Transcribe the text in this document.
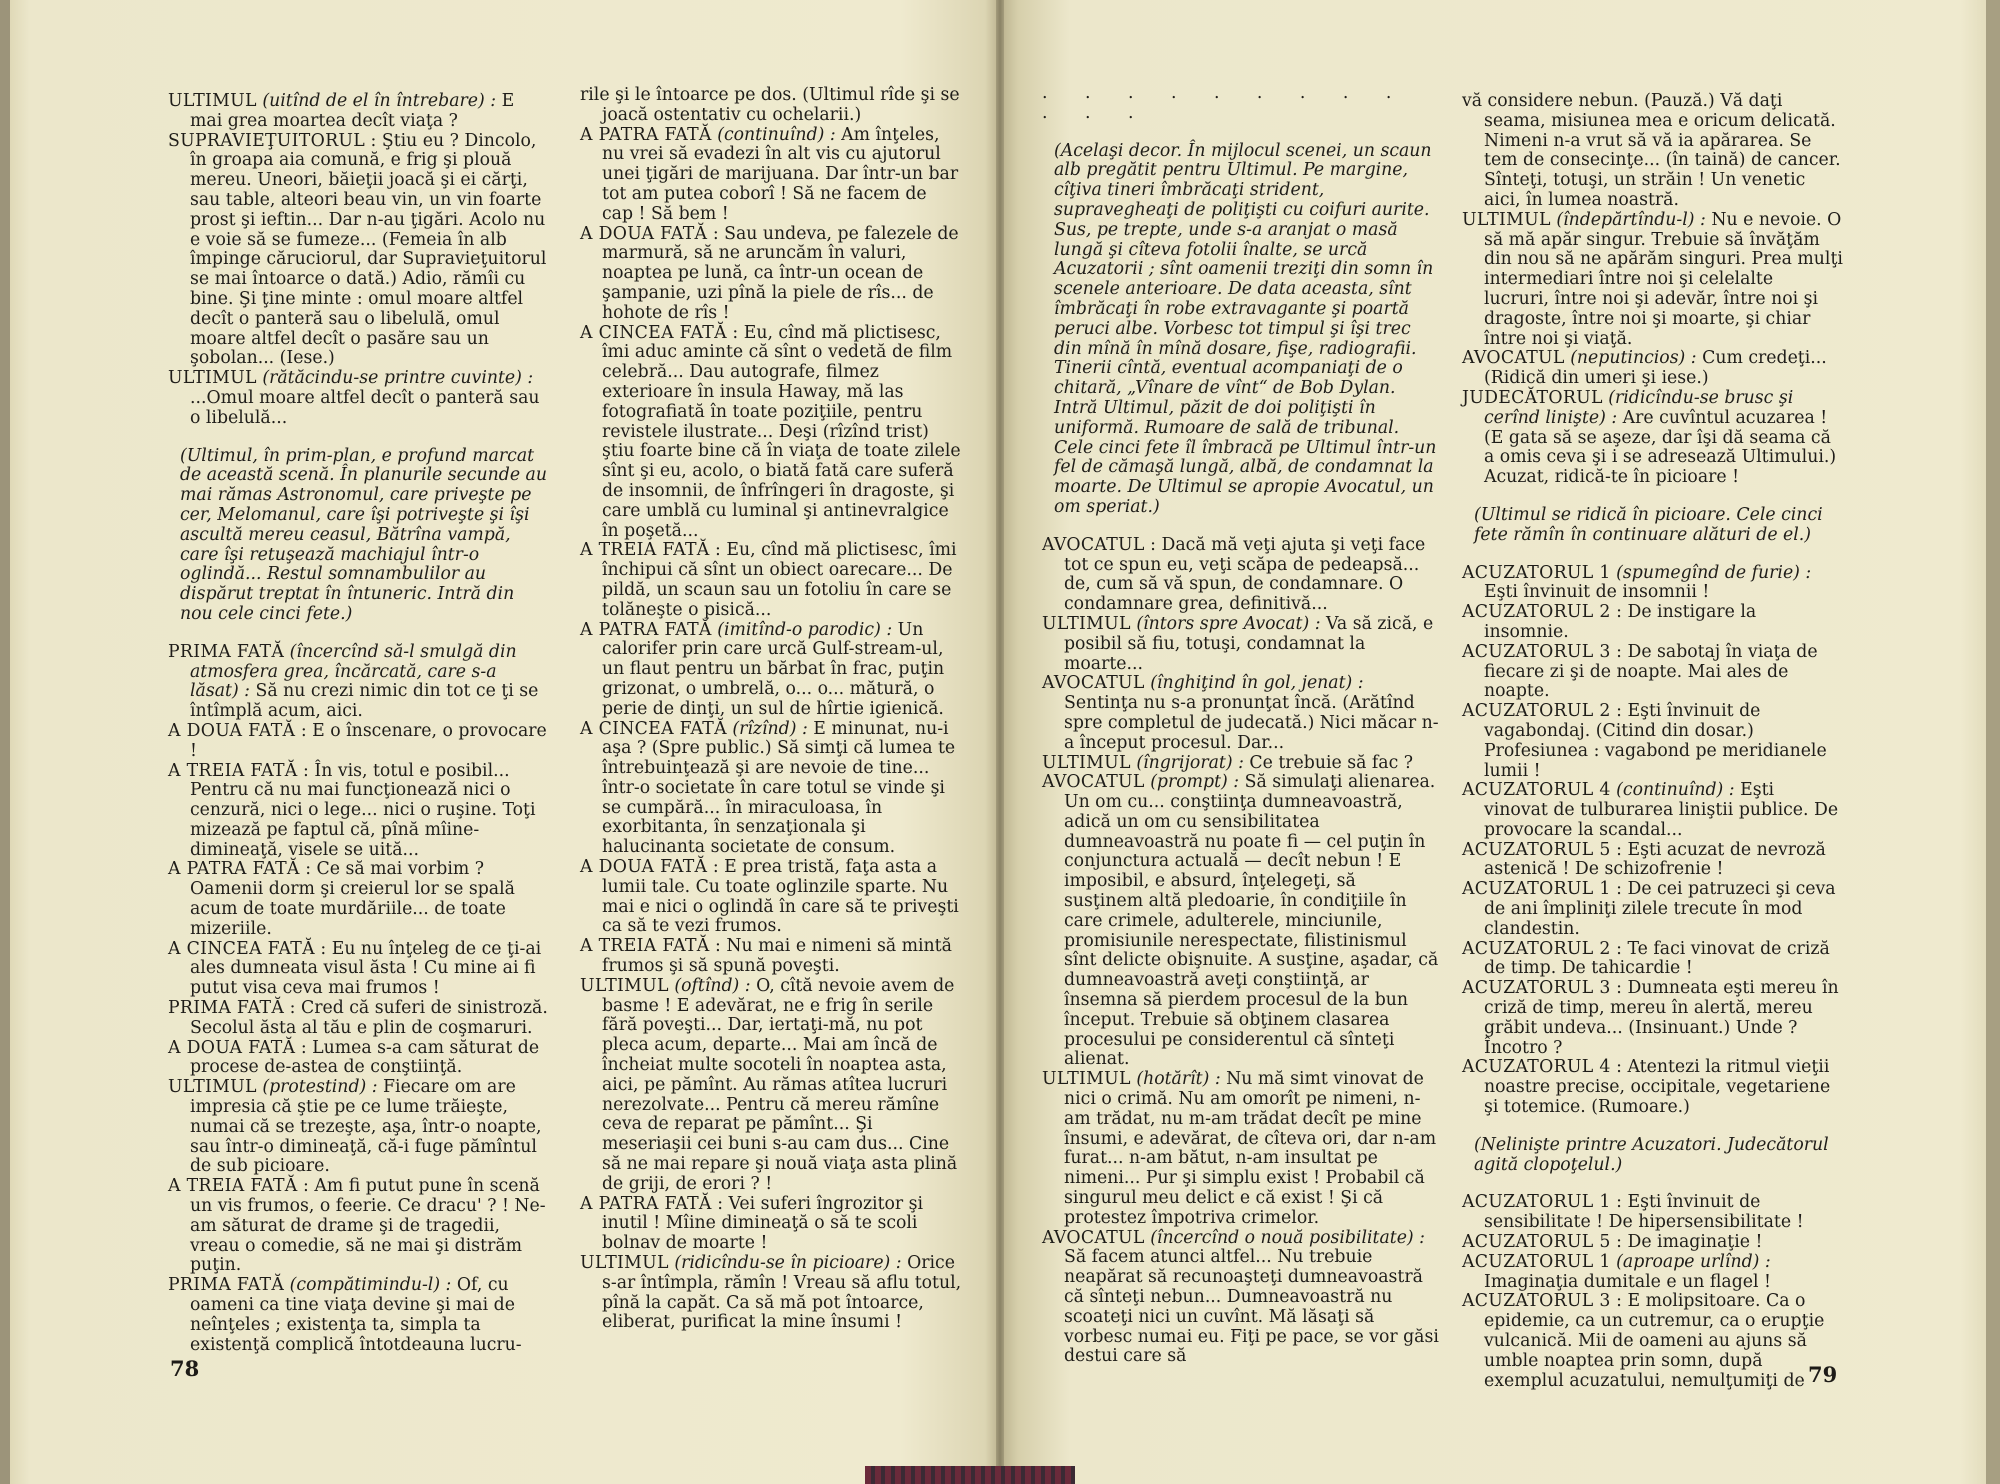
ULTIMUL (uitînd de el în întrebare) : E mai grea moartea decît viaţa ?

SUPRAVIEŢUITORUL : Ştiu eu ? Dincolo, în groapa aia comună, e frig şi plouă mereu. Uneori, băieţii joacă şi ei cărţi, sau table, alteori beau vin, un vin foarte prost şi ieftin... Dar n-au ţigări. Acolo nu e voie să se fumeze... (Femeia în alb împinge căruciorul, dar Supravieţuitorul se mai întoarce o dată.) Adio, rămîi cu bine. Şi ţine minte : omul moare altfel decît o panteră sau o libelulă, omul moare altfel decît o pasăre sau un şobolan... (Iese.)

ULTIMUL (rătăcindu-se printre cuvinte) : ...Omul moare altfel decît o panteră sau o libelulă...

(Ultimul, în prim-plan, e profund marcat de această scenă. În planurile secunde au mai rămas Astronomul, care priveşte pe cer, Melomanul, care îşi potriveşte şi îşi ascultă mereu ceasul, Bătrîna vampă, care îşi retuşează machiajul într-o oglindă... Restul somnambulilor au dispărut treptat în întuneric. Intră din nou cele cinci fete.)

PRIMA FATĂ (încercînd să-l smulgă din atmosfera grea, încărcată, care s-a lăsat) : Să nu crezi nimic din tot ce ţi se întîmplă acum, aici.

A DOUA FATĂ : E o înscenare, o provocare !

A TREIA FATĂ : În vis, totul e posibil... Pentru că nu mai funcţionează nici o cenzură, nici o lege... nici o ruşine. Toţi mizează pe faptul că, pînă mîine-dimineaţă, visele se uită...

A PATRA FATĂ : Ce să mai vorbim ? Oamenii dorm şi creierul lor se spală acum de toate murdăriile... de toate mizeriile.

A CINCEA FATĂ : Eu nu înţeleg de ce ţi-ai ales dumneata visul ăsta ! Cu mine ai fi putut visa ceva mai frumos !

PRIMA FATĂ : Cred că suferi de sinistroză. Secolul ăsta al tău e plin de coşmaruri.

A DOUA FATĂ : Lumea s-a cam săturat de procese de-astea de conştiinţă.

ULTIMUL (protestind) : Fiecare om are impresia că ştie pe ce lume trăieşte, numai că se trezeşte, aşa, într-o noapte, sau într-o dimineaţă, că-i fuge pămîntul de sub picioare.

A TREIA FATĂ : Am fi putut pune în scenă un vis frumos, o feerie. Ce dracu' ? ! Ne-am săturat de drame şi de tragedii, vreau o comedie, să ne mai şi distrăm puţin.

PRIMA FATĂ (compătimindu-l) : Of, cu oameni ca tine viaţa devine şi mai de neînţeles ; existenţa ta, simpla ta existenţă complică întotdeauna lucru-

rile şi le întoarce pe dos. (Ultimul rîde şi se joacă ostentativ cu ochelarii.)

A PATRA FATĂ (continuînd) : Am înţeles, nu vrei să evadezi în alt vis cu ajutorul unei ţigări de marijuana. Dar într-un bar tot am putea coborî ! Să ne facem de cap ! Să bem !

A DOUA FATĂ : Sau undeva, pe falezele de marmură, să ne aruncăm în valuri, noaptea pe lună, ca într-un ocean de şampanie, uzi pînă la piele de rîs... de hohote de rîs !

A CINCEA FATĂ : Eu, cînd mă plictisesc, îmi aduc aminte că sînt o vedetă de film celebră... Dau autografe, filmez exterioare în insula Haway, mă las fotografiată în toate poziţiile, pentru revistele ilustrate... Deşi (rîzînd trist) ştiu foarte bine că în viaţa de toate zilele sînt şi eu, acolo, o biată fată care suferă de insomnii, de înfrîngeri în dragoste, şi care umblă cu luminal şi antinevralgice în poşetă...

A TREIA FATĂ : Eu, cînd mă plictisesc, îmi închipui că sînt un obiect oarecare... De pildă, un scaun sau un fotoliu în care se tolăneşte o pisică...

A PATRA FATĂ (imitînd-o parodic) : Un calorifer prin care urcă Gulf-stream-ul, un flaut pentru un bărbat în frac, puţin grizonat, o umbrelă, o... o... mătură, o perie de dinţi, un sul de hîrtie igienică.

A CINCEA FATĂ (rîzînd) : E minunat, nu-i aşa ? (Spre public.) Să simţi că lumea te întrebuinţează şi are nevoie de tine... într-o societate în care totul se vinde şi se cumpără... în miraculoasa, în exorbitanta, în senzaţionala şi halucinanta societate de consum.

A DOUA FATĂ : E prea tristă, faţa asta a lumii tale. Cu toate oglinzile sparte. Nu mai e nici o oglindă în care să te priveşti ca să te vezi frumos.

A TREIA FATĂ : Nu mai e nimeni să mintă frumos şi să spună poveşti.

ULTIMUL (oftînd) : O, cîtă nevoie avem de basme ! E adevărat, ne e frig în serile fără poveşti... Dar, iertaţi-mă, nu pot pleca acum, departe... Mai am încă de încheiat multe socoteli în noaptea asta, aici, pe pămînt. Au rămas atîtea lucruri nerezolvate... Pentru că mereu rămîne ceva de reparat pe pămînt... Şi meseriaşii cei buni s-au cam dus... Cine să ne mai repare şi nouă viaţa asta plină de griji, de erori ? !

A PATRA FATĂ : Vei suferi îngrozitor şi inutil ! Mîine dimineaţă o să te scoli bolnav de moarte !

ULTIMUL (ridicîndu-se în picioare) : Orice s-ar întîmpla, rămîn ! Vreau să aflu totul, pînă la capăt. Ca să mă pot întoarce, eliberat, purificat la mine însumi !

78

. . . . . . . . . . . .

(Acelaşi decor. În mijlocul scenei, un scaun alb pregătit pentru Ultimul. Pe margine, cîţiva tineri îmbrăcaţi strident, supravegheaţi de poliţişti cu coifuri aurite. Sus, pe trepte, unde s-a aranjat o masă lungă şi cîteva fotolii înalte, se urcă Acuzatorii ; sînt oamenii treziţi din somn în scenele anterioare. De data aceasta, sînt îmbrăcaţi în robe extravagante şi poartă peruci albe. Vorbesc tot timpul şi îşi trec din mînă în mînă dosare, fişe, radiografii. Tinerii cîntă, eventual acompaniaţi de o chitară, „Vînare de vînt“ de Bob Dylan. Intră Ultimul, păzit de doi poliţişti în uniformă. Rumoare de sală de tribunal. Cele cinci fete îl îmbracă pe Ultimul într-un fel de cămaşă lungă, albă, de condamnat la moarte. De Ultimul se apropie Avocatul, un om speriat.)

AVOCATUL : Dacă mă veţi ajuta şi veţi face tot ce spun eu, veţi scăpa de pedeapsă... de, cum să vă spun, de condamnare. O condamnare grea, definitivă...

ULTIMUL (întors spre Avocat) : Va să zică, e posibil să fiu, totuşi, condamnat la moarte...

AVOCATUL (înghiţind în gol, jenat) : Sentinţa nu s-a pronunţat încă. (Arătînd spre completul de judecată.) Nici măcar n-a început procesul. Dar...

ULTIMUL (îngrijorat) : Ce trebuie să fac ?

AVOCATUL (prompt) : Să simulaţi alienarea. Un om cu... conştiinţa dumneavoastră, adică un om cu sensibilitatea dumneavoastră nu poate fi — cel puţin în conjunctura actuală — decît nebun ! E imposibil, e absurd, înţelegeţi, să susţinem altă pledoarie, în condiţiile în care crimele, adulterele, minciunile, promisiunile nerespectate, filistinismul sînt delicte obişnuite. A susţine, aşadar, că dumneavoastră aveţi conştiinţă, ar însemna să pierdem procesul de la bun început. Trebuie să obţinem clasarea procesului pe considerentul că sînteţi alienat.

ULTIMUL (hotărît) : Nu mă simt vinovat de nici o crimă. Nu am omorît pe nimeni, n-am trădat, nu m-am trădat decît pe mine însumi, e adevărat, de cîteva ori, dar n-am furat... n-am bătut, n-am insultat pe nimeni... Pur şi simplu exist ! Probabil că singurul meu delict e că exist ! Şi că protestez împotriva crimelor.

AVOCATUL (încercînd o nouă posibilitate) : Să facem atunci altfel... Nu trebuie neapărat să recunoaşteţi dumneavoastră că sînteţi nebun... Dumneavoastră nu scoateţi nici un cuvînt. Mă lăsaţi să vorbesc numai eu. Fiţi pe pace, se vor găsi destui care să

vă considere nebun. (Pauză.) Vă daţi seama, misiunea mea e oricum delicată. Nimeni n-a vrut să vă ia apărarea. Se tem de consecinţe... (în taină) de cancer. Sînteţi, totuşi, un străin ! Un venetic aici, în lumea noastră.

ULTIMUL (îndepărtîndu-l) : Nu e nevoie. O să mă apăr singur. Trebuie să învăţăm din nou să ne apărăm singuri. Prea mulţi intermediari între noi şi celelalte lucruri, între noi şi adevăr, între noi şi dragoste, între noi şi moarte, şi chiar între noi şi viaţă.

AVOCATUL (neputincios) : Cum credeţi... (Ridică din umeri şi iese.)

JUDECĂTORUL (ridicîndu-se brusc şi cerînd linişte) : Are cuvîntul acuzarea ! (E gata să se aşeze, dar îşi dă seama că a omis ceva şi i se adresează Ultimului.) Acuzat, ridică-te în picioare !

(Ultimul se ridică în picioare. Cele cinci fete rămîn în continuare alături de el.)

ACUZATORUL 1 (spumegînd de furie) : Eşti învinuit de insomnii !

ACUZATORUL 2 : De instigare la insomnie.

ACUZATORUL 3 : De sabotaj în viaţa de fiecare zi şi de noapte. Mai ales de noapte.

ACUZATORUL 2 : Eşti învinuit de vagabondaj. (Citind din dosar.) Profesiunea : vagabond pe meridianele lumii !

ACUZATORUL 4 (continuînd) : Eşti vinovat de tulburarea liniştii publice. De provocare la scandal...

ACUZATORUL 5 : Eşti acuzat de nevroză astenică ! De schizofrenie !

ACUZATORUL 1 : De cei patruzeci şi ceva de ani împliniţi zilele trecute în mod clandestin.

ACUZATORUL 2 : Te faci vinovat de criză de timp. De tahicardie !

ACUZATORUL 3 : Dumneata eşti mereu în criză de timp, mereu în alertă, mereu grăbit undeva... (Insinuant.) Unde ? Încotro ?

ACUZATORUL 4 : Atentezi la ritmul vieţii noastre precise, occipitale, vegetariene şi totemice. (Rumoare.)

(Nelinişte printre Acuzatori. Judecătorul agită clopoţelul.)

ACUZATORUL 1 : Eşti învinuit de sensibilitate ! De hipersensibilitate !

ACUZATORUL 5 : De imaginaţie !

ACUZATORUL 1 (aproape urlînd) : Imaginaţia dumitale e un flagel !

ACUZATORUL 3 : E molipsitoare. Ca o epidemie, ca un cutremur, ca o erupţie vulcanică. Mii de oameni au ajuns să umble noaptea prin somn, după exemplul acuzatului, nemulţumiţi de 79
